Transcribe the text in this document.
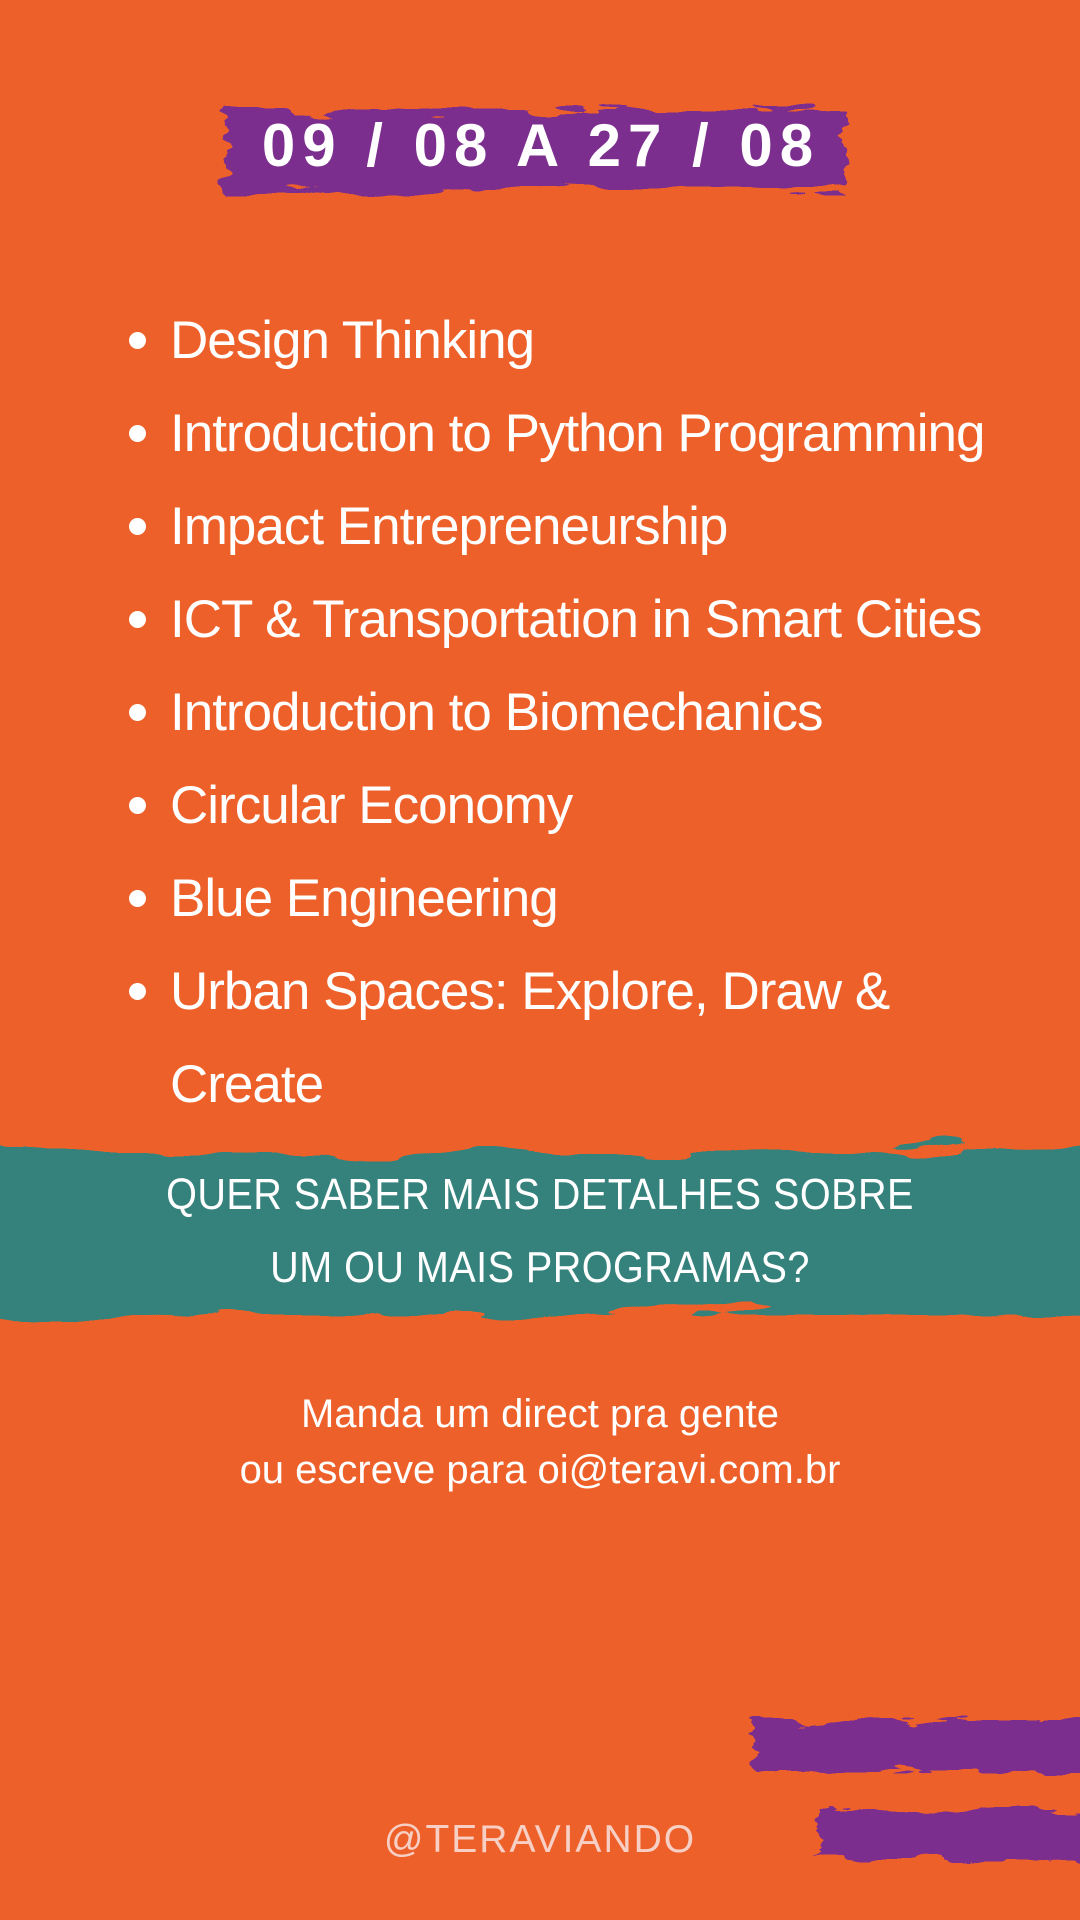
09 / 08 A 27 / 08
Design Thinking
Introduction to Python Programming
Impact Entrepreneurship
ICT & Transportation in Smart Cities
Introduction to Biomechanics
Circular Economy
Blue Engineering
Urban Spaces: Explore, Draw & Create
QUER SABER MAIS DETALHES SOBRE
UM OU MAIS PROGRAMAS?
Manda um direct pra gente
ou escreve para oi@teravi.com.br
@TERAVIANDO
